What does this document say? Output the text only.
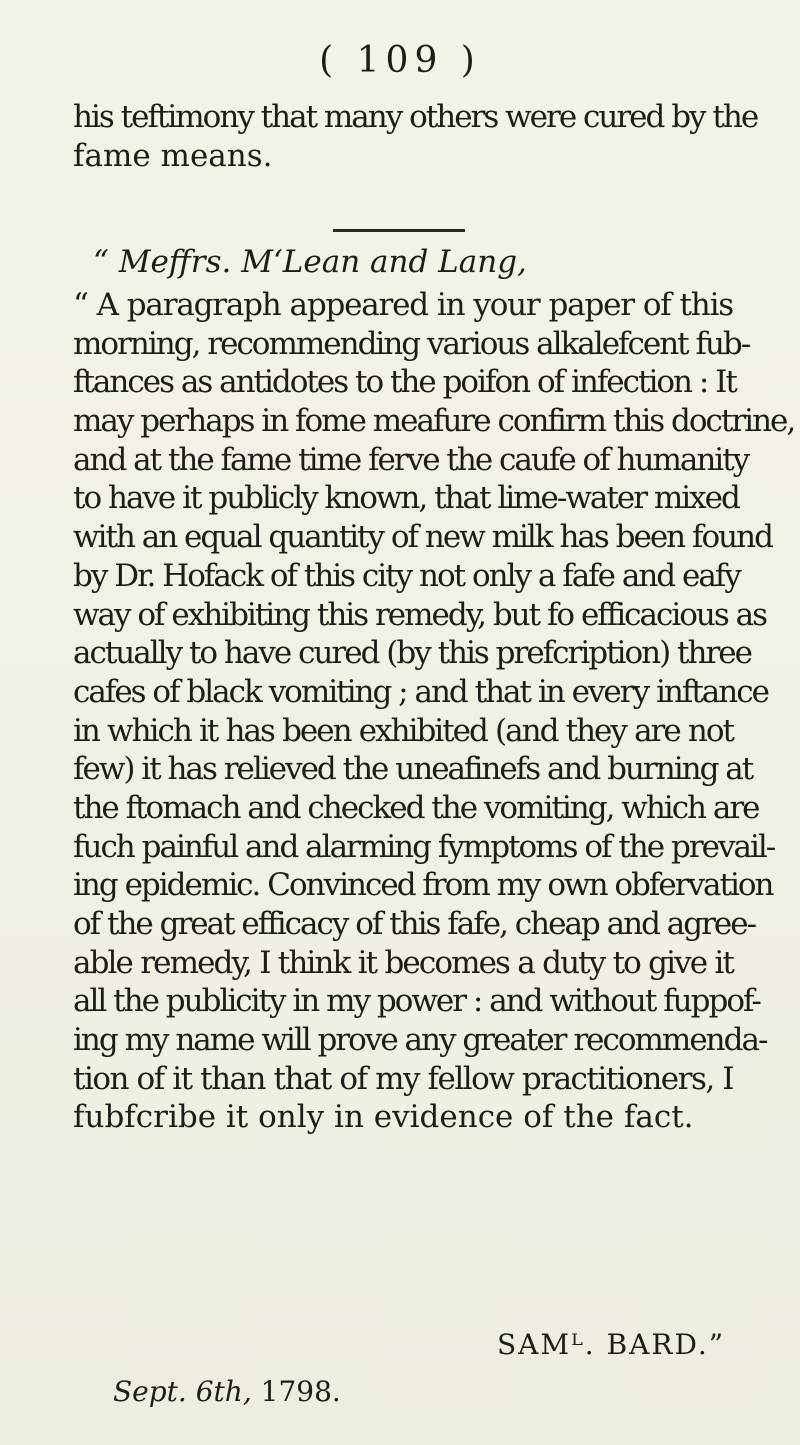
( 109 )
his teftimony that many others were cured by the
fame means.
“ Meffrs. M‘Lean and Lang,
“ A paragraph appeared in your paper of this
morning, recommending various alkalefcent fub-
ftances as antidotes to the poifon of infection : It
may perhaps in fome meafure confirm this doctrine,
and at the fame time ferve the caufe of humanity
to have it publicly known, that lime-water mixed
with an equal quantity of new milk has been found
by Dr. Hofack of this city not only a fafe and eafy
way of exhibiting this remedy, but fo efficacious as
actually to have cured (by this prefcription) three
cafes of black vomiting ; and that in every inftance
in which it has been exhibited (and they are not
few) it has relieved the uneafinefs and burning at
the ftomach and checked the vomiting, which are
fuch painful and alarming fymptoms of the prevail-
ing epidemic. Convinced from my own obfervation
of the great efficacy of this fafe, cheap and agree-
able remedy, I think it becomes a duty to give it
all the publicity in my power : and without fuppof-
ing my name will prove any greater recommenda-
tion of it than that of my fellow practitioners, I
fubfcribe it only in evidence of the fact.
SAMᴸ. BARD.”
Sept. 6th, 1798.
